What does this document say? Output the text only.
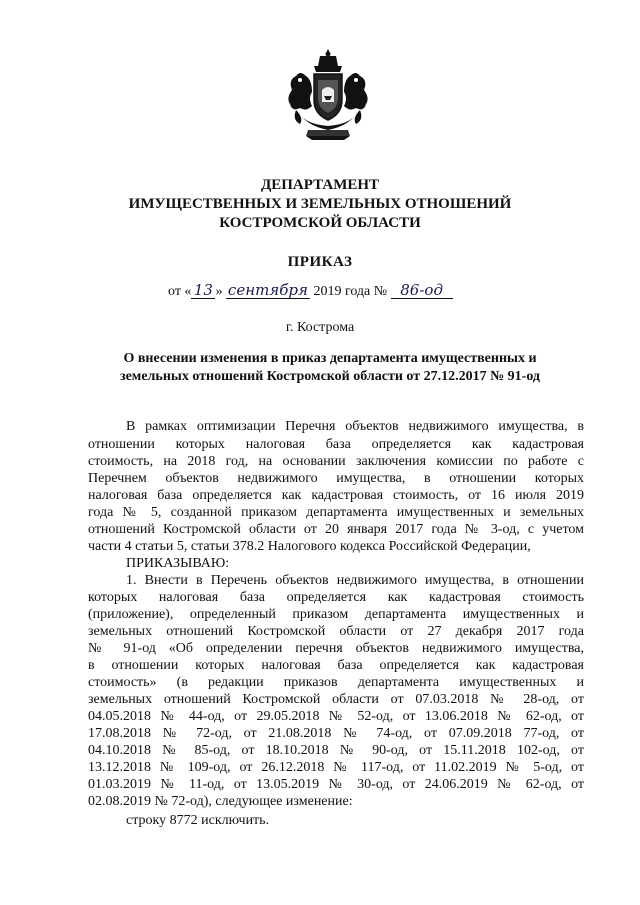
ДЕПАРТАМЕНТ
ИМУЩЕСТВЕННЫХ И ЗЕМЕЛЬНЫХ ОТНОШЕНИЙ
КОСТРОМСКОЙ ОБЛАСТИ
ПРИКАЗ
от « 13 » сентября 2019 года № 86-од
г. Кострома
О внесении изменения в приказ департамента имущественных и
земельных отношений Костромской области от 27.12.2017 № 91-од
В рамках оптимизации Перечня объектов недвижимого имущества, в
отношении которых налоговая база определяется как кадастровая
стоимость, на 2018 год, на основании заключения комиссии по работе с
Перечнем объектов недвижимого имущества, в отношении которых
налоговая база определяется как кадастровая стоимость, от 16 июля 2019
года № 5, созданной приказом департамента имущественных и земельных
отношений Костромской области от 20 января 2017 года № 3-од, с учетом
части 4 статьи 5, статьи 378.2 Налогового кодекса Российской Федерации,
ПРИКАЗЫВАЮ:
1. Внести в Перечень объектов недвижимого имущества, в отношении
которых налоговая база определяется как кадастровая стоимость
(приложение), определенный приказом департамента имущественных и
земельных отношений Костромской области от 27 декабря 2017 года
№ 91-од «Об определении перечня объектов недвижимого имущества,
в отношении которых налоговая база определяется как кадастровая
стоимость» (в редакции приказов департамента имущественных и
земельных отношений Костромской области от 07.03.2018 № 28-од, от
04.05.2018 № 44-од, от 29.05.2018 № 52-од, от 13.06.2018 № 62-од, от
17.08.2018 № 72-од, от 21.08.2018 № 74-од, от 07.09.2018 77-од, от
04.10.2018 № 85-од, от 18.10.2018 № 90-од, от 15.11.2018 102-од, от
13.12.2018 № 109-од, от 26.12.2018 № 117-од, от 11.02.2019 № 5-од, от
01.03.2019 № 11-од, от 13.05.2019 № 30-од, от 24.06.2019 № 62-од, от
02.08.2019 № 72-од), следующее изменение:
строку 8772 исключить.
